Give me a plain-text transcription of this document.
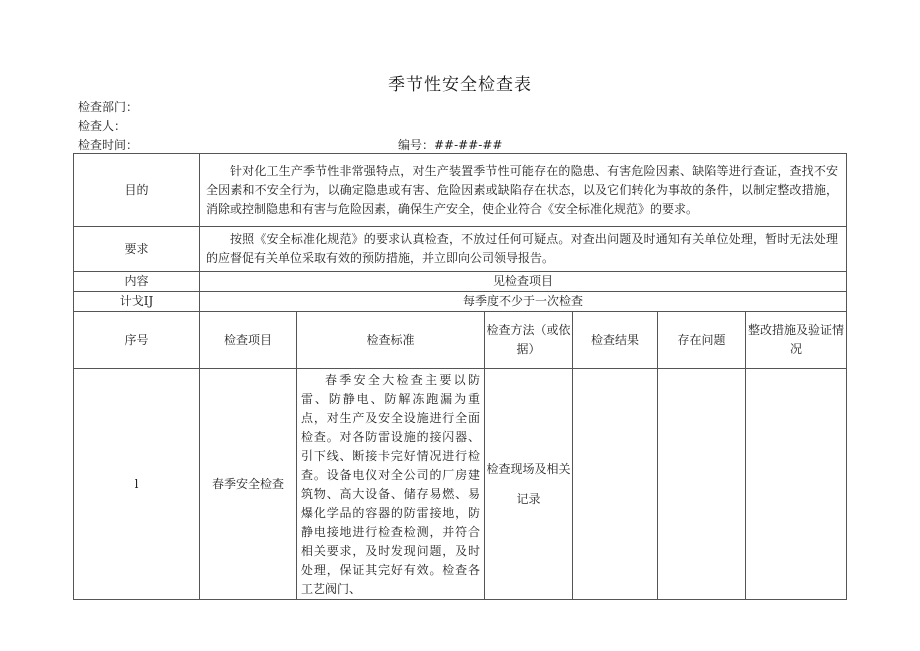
季节性安全检查表
检查部门：
检查人：
检查时间：	编号：##-##-##
目的	针对化工生产季节性非常强特点，对生产装置季节性可能存在的隐患、有害危险因素、缺陷等进行查证，查找不安全因素和不安全行为，以确定隐患或有害、危险因素或缺陷存在状态，以及它们转化为事故的条件，以制定整改措施，消除或控制隐患和有害与危险因素，确保生产安全，使企业符合《安全标准化规范》的要求。					
要求	按照《安全标准化规范》的要求认真检查，不放过任何可疑点。对查出问题及时通知有关单位处理，暂时无法处理的应督促有关单位采取有效的预防措施，并立即向公司领导报告。					
内容	见检查项目					
计戈IJ	每季度不少于一次检查					
序号	检查项目	检查标准	检查方法（或依据）	检查结果	存在问题	整改措施及验证情况
l	春季安全检查	春季安全大检查主要以防雷、防静电、防解冻跑漏为重点，对生产及安全设施进行全面检查。对各防雷设施的接闪器、引下线、断接卡完好情况进行检查。设备电仪对全公司的厂房建筑物、高大设备、储存易燃、易爆化学品的容器的防雷接地，防静电接地进行检查检测，并符合相关要求，及时发现问题，及时处理，保证其完好有效。检查各工艺阀门、	检查现场及相关记录			
